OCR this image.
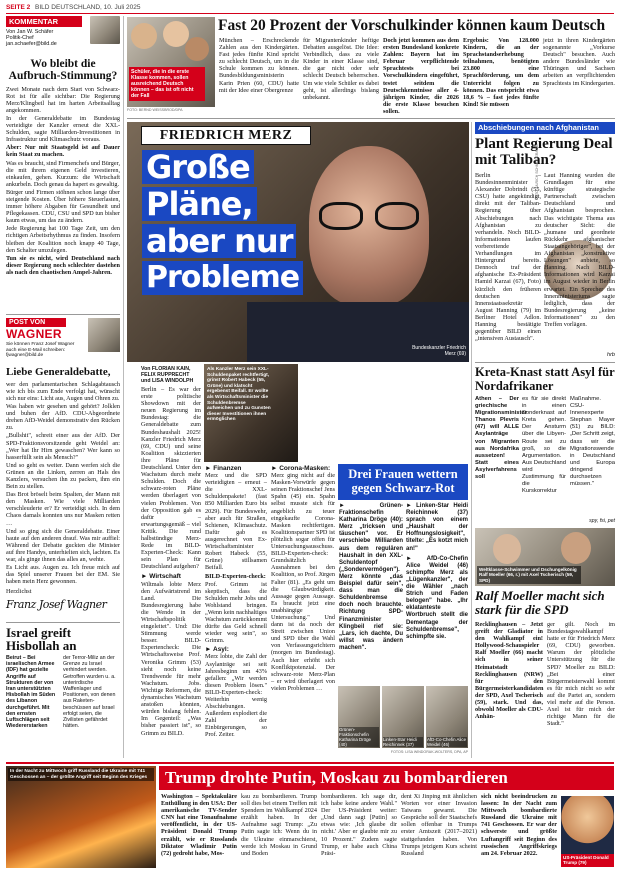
SEITE 2 BILD DEUTSCHLAND, 10. Juli 2025
KOMMENTAR
Von Jan W. Schäfer
Politik-Chef
jan.schaefer@bild.de
Wo bleibt die Aufbruch-Stimmung?

Zwei Monate nach dem Start von Schwarz-Rot ist für alle sichtbar: Die Regierung Merz/Klingbeil hat im harten Arbeitsalltag angekommen.

In der Generaldebatte im Bundestag verteidigte der Kanzler erneut die XXL-Schulden, sagte Milliarden-Investitionen in Infrastruktur und Klimaschutz voraus.

Aber: Nur mit Staatsgeld ist auf Dauer kein Staat zu machen.

Was es braucht, sind Firmenchefs und Bürger, die mit ihrem eigenen Geld investieren, einkaufen, gehen. Kurzum: die Wirtschaft ankurbeln. Doch genau da hapert es gewaltig.

Bürger und Firmen stöhnen schon lange über steigende Kosten. Über höhere Steuerlasten, immer höhere Abgaben für Gesundheit und Pflegekassen. CDU, CSU und SPD tun bisher kaum etwas, um das zu ändern.

Jede Regierung hat 100 Tage Zeit, um den richtigen Arbeitsrhythmus zu finden. Insofern bleiben der Koalition noch knapp 40 Tage, den Schalter umzulegen.

Tun sie es nicht, wird Deutschland nach dieser Regierung noch schlechter dastehen als nach den chaotischen Ampel-Jahren.

POST VON
WAGNER
Sie können Franz Josef Wagner auch eine E-Mail schreiben: fjwagner@bild.de
Liebe Generaldebatte,

wer den parlamentarischen Schlagabtausch wie ich bis zum Ende verfolgt hat, wünscht sich nur eins: Licht aus, Augen und Ohren zu.

Was haben wir gesehen und gehört? Jolklen und buhen der AfD. CDU-Abgeordnete drehen AfD-Weidel demonstrativ den Rücken zu.

„Bullshit", schreit einer aus der AfD. Der SPD-Fraktionsvorsitzende geht Weidel an: „Wer hat Ihr Hirn gewaschen? Wer kann so hasserfüllt sein als Mensch?"

Und so geht es weiter. Dann werfen sich die Grünen an die Linken, zerren an Hals des Kanzlers, versuchen ihn zu packen, ihm ein Bein zu stellen.

Das Brot bröselt beim Spalten, der Mann mit den Masken. Wie viele Milliarden verschleuderte er? Er verteidigt sich. In dem Chaos damals konnten uns nur Masken retten …

Und so ging sich die Generaldebatte. Einer haute auf den anderen drauf. Was mir auffiel: Während der Debatte guckten die Minister auf ihre Handys, unterhielten sich, lachten. Es war, als ginge ihnen das alles an, wehte.

Es Licht aus. Augen zu. Ich freue mich auf das Spiel unserer Frauen bei der EM. Sie haben mein Herz gewonnen.

Herzlichst

Franz Josef Wagner
Israel greift Hisbollah an
Beirut – Bei israelischen Armee (IDF) hat gezielte Angriffe auf Strukturen der von Iran unterstützten Hisbollah im Süden des Libanon durchgeführt. Mit den ernsten Luftschlägen seit Wiedererstarken
der Terror-Miliz an der Grenze zu Israel verhindert werden. Getroffen wurden u. a. unterirdische Waffenlager und Positionen, von denen aus Raketen-beschüssen auf Israel erfolgt seien, die Zivilisten gefährdet hätten.
Schüler, die in die erste Klasse kommen, sollen ausreichend Deutsch können – das ist oft nicht der Fall
FOTO: BERND WEISSBROD/DPA
Fast 20 Prozent der Vorschulkinder können kaum Deutsch
München – Erschreckende Zahlen aus den Kindergärten. Fast jedes fünfte Kind spricht zu schlecht Deutsch, um in die Schule kommen zu können. Bundesbildungsministerin Karin Prien (60, CDU) hatte mit der Idee einer Obergrenze
für Migrantenkinder heftige Debatten ausgelöst. Die Idee: Verbindlich, dass zu viele Kinder in einer Klasse sind, die gar nicht oder sehr schlecht Deutsch beherrschen. Um wie viele Schüler es dabei geht, ist allerdings bislang unbekannt.
Doch jetzt kommen aus dem ersten Bundesland konkrete Zahlen: Bayern hat im Februar verpflichtende Sprachtests bei Vorschulkindern eingeführt, testet seitdem die Deutschkenntnisse aller 4-jährigen Kinder, die 2026 die erste Klasse besuchen sollen.
Ergebnis: Von 128.000 Kindern, die an der Sprachstandserhebung teilnahmen, benötigten 23.800 eine Sprachförderung, um dem Unterricht folgen zu können. Das entspricht etwa 18,6 % – fast jedes fünfte Kind! Sie müssen
jetzt in ihren Kindergärten sogenannte „Vorkurse Deutsch" besuchen. Auch andere Bundesländer wie Thüringen und Sachsen arbeiten an verpflichtenden Sprachtests im Kindergarten.
FRIEDRICH MERZ
Große
Pläne,
aber nur
Probleme
Bundeskanzler Friedrich Merz (69)
Von FLORIAN KAIN,
FELIX RUPPRECHT
und LISA WINDOLPH
Als Kanzler Merz sein XXL-Schuldenpaket rechtfertigt, grinst Robert Habeck (55, Grüne) und klatscht ergebenst Beifall. Er wollte als Wirtschaftsminister die Schuldenbremse aufweichen und zu Gunsten dieser Investitionen ihnen ermöglichen
Berlin – Es war der erste politische Showdown mit der neuen Regierung im Bundestag: die Generaldebatte zum Bundeshaushalt 2025! Kanzler Friedrich Merz (69, CDU) und seine Koalition skizzierten ihre Pläne für Deutschland. Unter den Wachstum durch mehr Schulden. Doch die schwarz-roten Pläne werden überlagert von vielen Problemen. Von der Opposition gab es dafür – erwartungsgemäß – viel Kritik. Die rund halbstündige Merz-Rede im BILD-Experten-Check: Kann sein Plan für Deutschland aufgehen?
► Wirtschaft
Wiltmals lobte Merz den Aufwärtstrend im Land. Die Bundesregierung habe die Wende in der Wirtschaftspolitik eingeleitet". Und: Die Stimmung werde besser. BILD-Expertencheck: Die Wirtschaftsweise Prof. Veronika Grimm (53) sieht noch keine Trendwende für mehr Wachstum. Jobs. Wichtige Reformen, die dynamisches Wachstum anstoßen könnten, würden bislang fehlen. Im Gegenteil: „Was bisher passiert ist", so Grimm zu BILD.
► Finanzen
Merz und die SPD verteidigten – erneut – die XXL-Schuldenpakete! (fast 850 Milliarden Euro bis 2029). Für Bundeswehr, aber auch für Straßen, Schienen, Klimaschutz. Dafür gab es ausgerechnet von Ex-Wirtschaftsminister Robert Habeck (55, Grüne) stillsamen Beifall.
BILD-Experten-check:
Prof. Grimm ist skeptisch, dass die Schulden mehr Jobs und Wohlstand bringen. „Wenn kein nachhaltiges Wachstum zurückkommt dürfte das Geld schnell wieder weg sein", so Grimm.
► Asyl:
Merz lobte, die Zahl der Asylanträge sei seit Jahresbeginn um 43% gefallen: „Wir werden diesen Problem lösen." BILD-Experten-check: Weiterhin wenig Abschiebungen. Außerdem explodiert die Zahl der Einbürgerungen, so Prof. Zeiter.
► Corona-Masken:
Merz ging nicht auf die Masken-Vorwürfe gegen seinen Fraktionschef Jens Spahn (45) ein. Spahn selbst musste sich für angeblich zu teuer eingekaufte Corona-Masken rechtfertigen. Koalitionspartner SPD ist plötzlich sogar offen für Untersuchungsausschuss. BILD-Experten-check: Grundsätzlich Ausnahmen bei den Koalition, so Prof. Jürgen Falter (81). „Es geht um die Glaubwürdigkeit. Aussage gegen Aussage. Es braucht jetzt eine unabhängige Untersuchung." Und dann ist da noch der Streit zwischen Union und SPD über die Wahl von Verfassungsrichtern (morgen im Bundestag). Auch hier erhöht sich Konfliktpotenzial. Der schwarz-rote Merz-Plan – er wird überlagert von vielen Problemen …
Drei Frauen wettern gegen Schwarz-Rot
► Grünen-Fraktionschefin Katharina Dröge (40): Merz „tricksen und täuschen" vor. Er verschiebe Milliarden aus dem regulären Haushalt in den XXL-Schuldentopf („Sondervermögen"). Merz könnte „das Beispiel dafür sein", dass man die Schuldenbremse doch noch brauchte. Richtung SPD-Finanzminister Klingbeil rief sie: „Lars, ich dachte, Du willst was ändern machen".
► Linken-Star Heidi Reichinnek (37) sprach von einem „Haushalt der Hoffnungslosigkeit", titelte: „Es kotzt mich an!"
► AfD-Co-Chefin Alice Weidel (46) schimpfte Merz als „Lügenkanzler", der die Wähler „nach Strich und Faden belogen" habe. „Ihr eklatanteste Wortbruch stellt die Dementage der Schuldenbremse", schimpfte sie.
Grünen-Fraktionschefin Katharina Dröge (40)
Linken-Star Heidi Reichinnek (37)
AfD-Co-Chefin Alice Weidel (46)
FOTOS: LISA WINDORAK-WOLTERS, DPA, AP
Abschiebungen nach Afghanistan
Plant Regierung Deal mit Taliban?
Berlin – Bundesinnenminister Alexander Dobrindt (55, CSU) hatte angekündigt, direkt mit der Taliban-Regierung über Abschiebungen nach Afghanistan zu verhandeln. Noch BILD-Informationen laufen vorbereitende Verhandlungen im Hintergrund bereits. Dennoch traf der afghanische Ex-Präsident Hamid Karzai (67), Foto) kürzlich den früheren deutschen Innenstaatssekretär August Hanning (79) im Berliner Hotel Adlon. Hanning bestätigte gegenüber BILD einen „intensiven Austausch".
FOTO: ULRICH SCHNEIDER/DPA Laut Hanning wurden die Grundlagen für eine künftige strategische Partnerschaft zwischen Deutschland und Afghanistan besprochen. Das wichtigste Thema aus deutscher Sicht: die „humane und geordnete Rückkehr afghanischer Staatsangehöriger", bei der Afghanistan „konstruktive Lösungen" anbiete, so Hanning. Nach BILD-Informationen wird Karzai im August wieder in Berlin erwartet. Ein Sprecher des Innenministeriums sagte lediglich, dass der Bundesregierung „keine Informationen" zu den Treffen vorlägen.
hrb
Kreta-Knast statt Asyl für Nordafrikaner
Athen – Der griechische Migrationsminister Thanos Plevris (47) will ALLE Asylanträge von Migranten aus Nordafrika aussetzen! Statt eines Asylverfahrens soll
es für sie direkt in einen Sonderknast auf Kreta gehen. Der Ansturm über die Libyen-Route sei zu groß, so die Argumentation. Aus Deutschland wird Zustimmung für die Kurskorrektur
Maßnahme. CSU-Innenexperte Stephan Mayer (51) zu BILD: „Der Schritt zeigt, dass wir die Migrationswende in Deutschland und Europa dringend durchsetzen müssen."
spy, fsi, pet
Weltklasse-Schwimmer und Dschungelkönig Ralf Moeller (66, r.) mit Axel Tscherisch (59, SPD)
Ralf Moeller macht sich stark für die SPD
Recklinghausen – Jetzt greift der Gladiator in den Wahlkampf ein! Hollywood-Schauspieler Ralf Moeller (66) macht sich in seiner Heimatstadt Recklinghausen (NRW) für den Bürgermeisterkandidaten der SPD, Axel Tscherisch (59), stark. Und das, obwohl Moeller als CDU-Anhän-
ger gilt. Noch im Bundestagswahlkampf hatte er für Friedrich Merz (69, CDU) geworben. Warum der plötzliche Unterstützung für die SPD? Moeller zu BILD: „Bei einer Bürgermeisterwahl kommt es für mich nicht so sehr auf die Partei an, sondern viel mehr auf die Person. Axel ist für mich der richtige Mann für die Stadt."
In der Nacht zu Mittwoch griff Russland die Ukraine mit 741 Geschossen an – der größte Angriff seit Beginn des Krieges	Trump drohte Putin, Moskau zu bombardieren
Washington – Spektakuläre Enthüllung in den USA: Der amerikanische TV-Sender CNN hat eine Tonaufnahme veröffentlicht, in der US-Präsident Donald Trump erzählt, wie er Russlands Diktator Wladimir Putin (72) gedroht habe, Mos-
kau zu bombardieren. Trump soll dies bei einem Treffen mit Spendern im Wahlkampf 2024 erzählt haben. In der Aufnahme sagt Trump: „Zu Putin sagte ich: Wenn du in die Ukraine einmarschierst, werde ich Moskau in Grund und Boden
bombardieren. Ich sage dir, ich habe keine andere Wahl." Der US-Präsident weiter: „Und dann sagt [Putin] so etwas wie: ,Ich glaube dir nicht.' Aber er glaubte mir zu 10 Prozent." Zudem sagte Trump, er habe auch China Präsi-
dent Xi Jinping mit ähnlichen Worten vor einer Invasion Taiwans gewarnt. Die Gespräche soll der Staatschefs sollen offenbar in Trumps erster Amtszeit (2017–2021) stattgefunden haben. Von Trumps jetzigem Kurs scheint Russland
sich nicht beeindrucken zu lassen: In der Nacht zum Mittwoch bombardierte Russland die Ukraine mit 741 Geschossen. Er war der schwerste und größte Luftangriff seit Beginn des russischen Angriffskriegs am 24. Februar 2022.
US-Präsident Donald Trump (79)
